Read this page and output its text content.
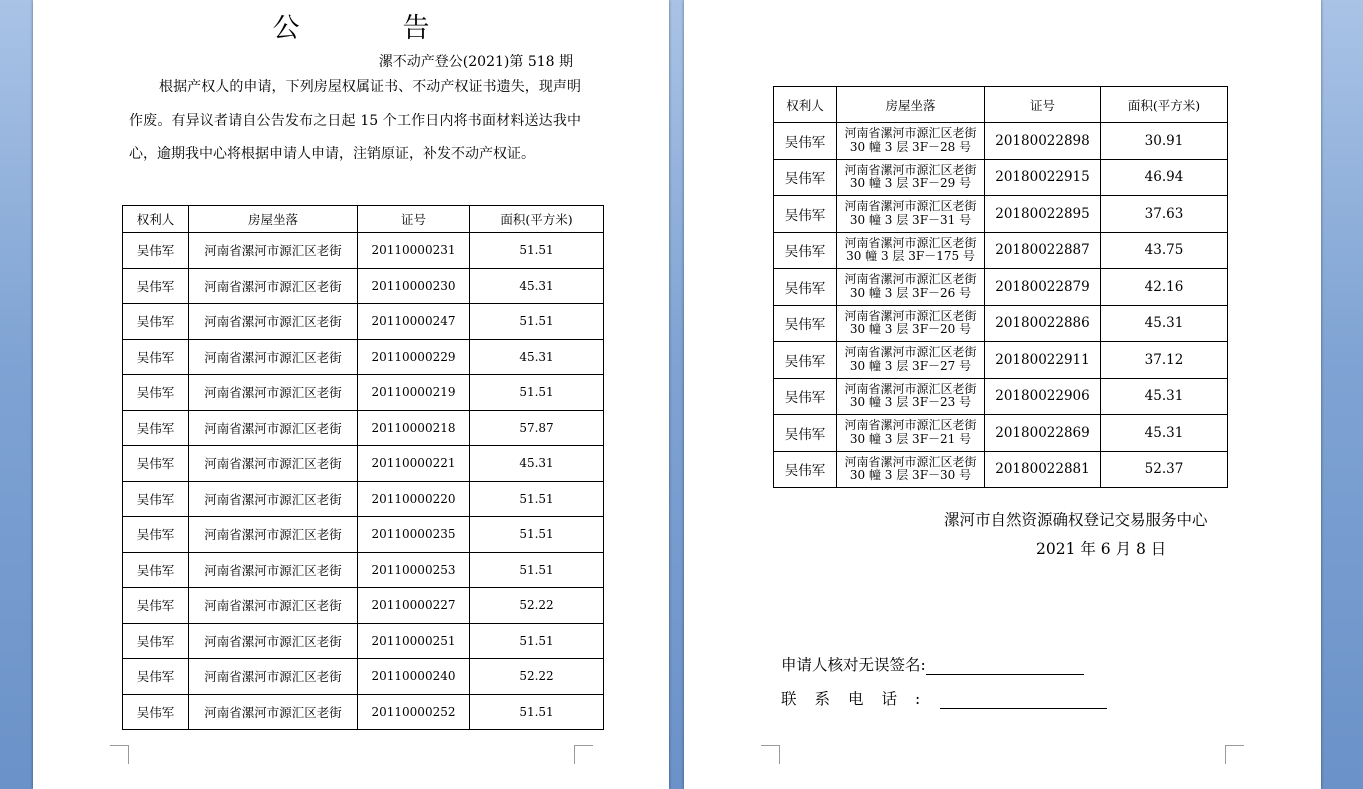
公　告
漯不动产登公(2021)第 518 期
根据产权人的申请，下列房屋权属证书、不动产权证书遗失，现声明作废。有异议者请自公告发布之日起 15 个工作日内将书面材料送达我中心，逾期我中心将根据申请人申请，注销原证，补发不动产权证。
权利人	房屋坐落	证号	面积(平方米)
吴伟军	河南省漯河市源汇区老街	20110000231	51.51
吴伟军	河南省漯河市源汇区老街	20110000230	45.31
吴伟军	河南省漯河市源汇区老街	20110000247	51.51
吴伟军	河南省漯河市源汇区老街	20110000229	45.31
吴伟军	河南省漯河市源汇区老街	20110000219	51.51
吴伟军	河南省漯河市源汇区老街	20110000218	57.87
吴伟军	河南省漯河市源汇区老街	20110000221	45.31
吴伟军	河南省漯河市源汇区老街	20110000220	51.51
吴伟军	河南省漯河市源汇区老街	20110000235	51.51
吴伟军	河南省漯河市源汇区老街	20110000253	51.51
吴伟军	河南省漯河市源汇区老街	20110000227	52.22
吴伟军	河南省漯河市源汇区老街	20110000251	51.51
吴伟军	河南省漯河市源汇区老街	20110000240	52.22
吴伟军	河南省漯河市源汇区老街	20110000252	51.51
权利人	房屋坐落	证号	面积(平方米)
吴伟军	河南省漯河市源汇区老街 30 幢 3 层 3F－28 号	20180022898	30.91
吴伟军	河南省漯河市源汇区老街 30 幢 3 层 3F－29 号	20180022915	46.94
吴伟军	河南省漯河市源汇区老街 30 幢 3 层 3F－31 号	20180022895	37.63
吴伟军	河南省漯河市源汇区老街 30 幢 3 层 3F－175 号	20180022887	43.75
吴伟军	河南省漯河市源汇区老街 30 幢 3 层 3F－26 号	20180022879	42.16
吴伟军	河南省漯河市源汇区老街 30 幢 3 层 3F－20 号	20180022886	45.31
吴伟军	河南省漯河市源汇区老街 30 幢 3 层 3F－27 号	20180022911	37.12
吴伟军	河南省漯河市源汇区老街 30 幢 3 层 3F－23 号	20180022906	45.31
吴伟军	河南省漯河市源汇区老街 30 幢 3 层 3F－21 号	20180022869	45.31
吴伟军	河南省漯河市源汇区老街 30 幢 3 层 3F－30 号	20180022881	52.37
漯河市自然资源确权登记交易服务中心
2021 年 6 月 8 日
申请人核对无误签名:
联系电话:
